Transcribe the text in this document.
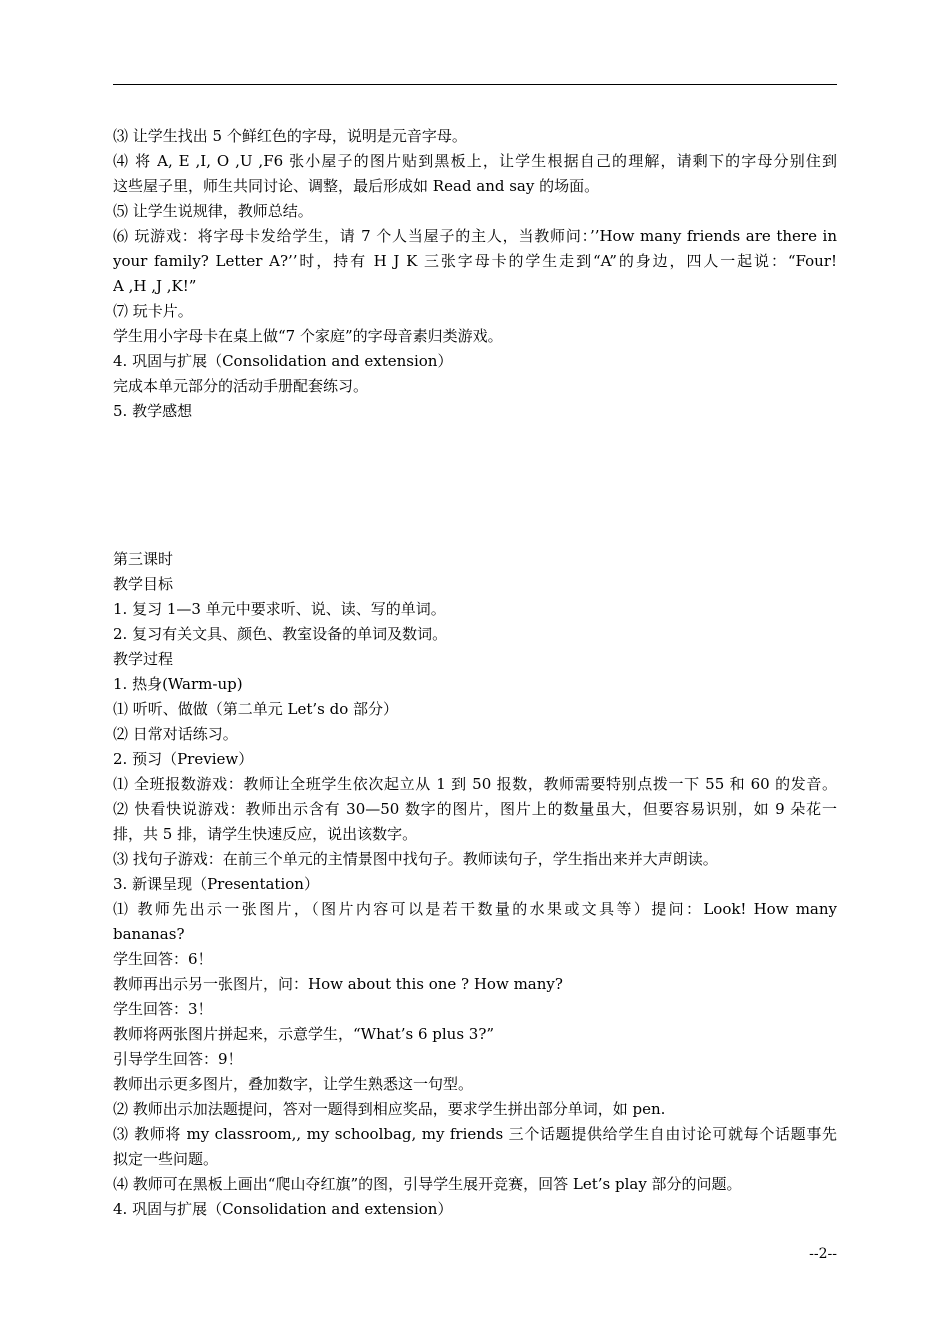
⑶ 让学生找出 5 个鲜红色的字母，说明是元音字母。
⑷ 将 A, E ,I, O ,U ,F6 张小屋子的图片贴到黑板上，让学生根据自己的理解，请剩下的字母分别住到
这些屋子里，师生共同讨论、调整，最后形成如 Read and say 的场面。
⑸ 让学生说规律，教师总结。
⑹ 玩游戏：将字母卡发给学生，请 7 个人当屋子的主人，当教师问：’’How many friends are there in
your family? Letter A?’’时，持有 H J K 三张字母卡的学生走到“A”的身边，四人一起说：“Four!
A ,H ,J ,K!”
⑺ 玩卡片。
学生用小字母卡在桌上做“7 个家庭”的字母音素归类游戏。
4. 巩固与扩展（Consolidation and extension）
完成本单元部分的活动手册配套练习。
5. 教学感想
第三课时
教学目标
1. 复习 1—3 单元中要求听、说、读、写的单词。
2. 复习有关文具、颜色、教室设备的单词及数词。
教学过程
1. 热身(Warm-up)
⑴ 听听、做做（第二单元 Let’s do 部分）
⑵ 日常对话练习。
2. 预习（Preview）
⑴ 全班报数游戏：教师让全班学生依次起立从 1 到 50 报数，教师需要特别点拨一下 55 和 60 的发音。
⑵ 快看快说游戏：教师出示含有 30—50 数字的图片，图片上的数量虽大，但要容易识别，如 9 朵花一
排，共 5 排，请学生快速反应，说出该数字。
⑶ 找句子游戏：在前三个单元的主情景图中找句子。教师读句子，学生指出来并大声朗读。
3. 新课呈现（Presentation）
⑴ 教师先出示一张图片，（图片内容可以是若干数量的水果或文具等）提问：Look! How many
bananas?
学生回答：6！
教师再出示另一张图片，问：How about this one ? How many?
学生回答：3！
教师将两张图片拼起来，示意学生，“What’s 6 plus 3?”
引导学生回答：9！
教师出示更多图片，叠加数字，让学生熟悉这一句型。
⑵ 教师出示加法题提问，答对一题得到相应奖品，要求学生拼出部分单词，如 pen.
⑶ 教师将 my classroom,, my schoolbag, my friends 三个话题提供给学生自由讨论可就每个话题事先
拟定一些问题。
⑷ 教师可在黑板上画出“爬山夺红旗”的图，引导学生展开竞赛，回答 Let’s play 部分的问题。
4. 巩固与扩展（Consolidation and extension）
--2--
